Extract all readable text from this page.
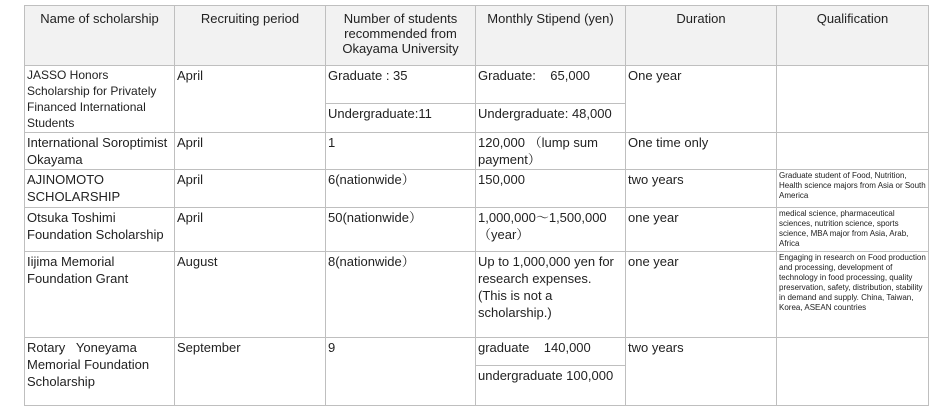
Name of scholarship	Recruiting period	Number of students recommended from Okayama University	Monthly Stipend (yen)	Duration	Qualification
JASSO Honors Scholarship for Privately Financed International Students	April	Graduate : 35	Graduate:    65,000	One year	
		Undergraduate:11	Undergraduate: 48,000		
International Soroptimist Okayama	April	1	120,000 （lump sum payment）	One time only	
AJINOMOTO SCHOLARSHIP	April	6(nationwide）	150,000	two years	Graduate student of Food, Nutrition, Health science majors from Asia or South America
Otsuka Toshimi Foundation Scholarship	April	50(nationwide）	1,000,000～1,500,000（year）	one year	medical science, pharmaceutical sciences, nutrition science, sports science, MBA major from Asia, Arab, Africa
Iijima Memorial Foundation Grant	August	8(nationwide）	Up to 1,000,000 yen for research expenses. (This is not a scholarship.)	one year	Engaging in research on Food production and processing, development of technology in food processing, quality preservation, safety, distribution, stability in demand and supply. China, Taiwan, Korea, ASEAN countries
Rotary   Yoneyama Memorial Foundation Scholarship	September	9	graduate    140,000	two years	
			undergraduate 100,000		
